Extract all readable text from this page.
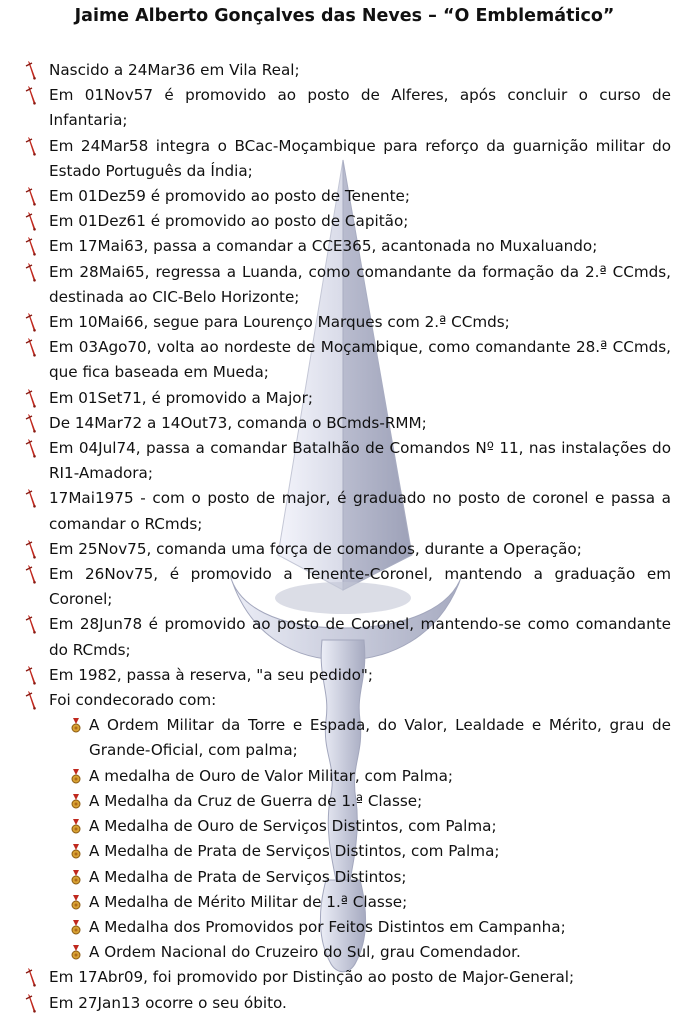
Jaime Alberto Gonçalves das Neves – “O Emblemático”
Nascido a 24Mar36 em Vila Real;
Em 01Nov57 é promovido ao posto de Alferes, após concluir o curso de Infantaria;
Em 24Mar58 integra o BCac-Moçambique para reforço da guarnição militar do Estado Português da Índia;
Em 01Dez59 é promovido ao posto de Tenente;
Em 01Dez61 é promovido ao posto de Capitão;
Em 17Mai63, passa a comandar a CCE365, acantonada no Muxaluando;
Em 28Mai65, regressa a Luanda, como comandante da formação da 2.ª CCmds, destinada ao CIC-Belo Horizonte;
Em 10Mai66, segue para Lourenço Marques com 2.ª CCmds;
Em 03Ago70, volta ao nordeste de Moçambique, como comandante 28.ª CCmds, que fica baseada em Mueda;
Em 01Set71, é promovido a Major;
De 14Mar72 a 14Out73, comanda o BCmds-RMM;
Em 04Jul74, passa a comandar Batalhão de Comandos Nº 11, nas instalações do RI1-Amadora;
17Mai1975 - com o posto de major, é graduado no posto de coronel e passa a comandar o RCmds;
Em 25Nov75, comanda uma força de comandos, durante a Operação;
Em 26Nov75, é promovido a Tenente-Coronel, mantendo a graduação em Coronel;
Em 28Jun78 é promovido ao posto de Coronel, mantendo-se como comandante do RCmds;
Em 1982, passa à reserva, "a seu pedido";
Foi condecorado com:
A Ordem Militar da Torre e Espada, do Valor, Lealdade e Mérito, grau de Grande-Oficial, com palma;
A medalha de Ouro de Valor Militar, com Palma;
A Medalha da Cruz de Guerra de 1.ª Classe;
A Medalha de Ouro de Serviços Distintos, com Palma;
A Medalha de Prata de Serviços Distintos, com Palma;
A Medalha de Prata de Serviços Distintos;
A Medalha de Mérito Militar de 1.ª Classe;
A Medalha dos Promovidos por Feitos Distintos em Campanha;
A Ordem Nacional do Cruzeiro do Sul, grau Comendador.
Em 17Abr09, foi promovido por Distinção ao posto de Major-General;
Em 27Jan13 ocorre o seu óbito.
